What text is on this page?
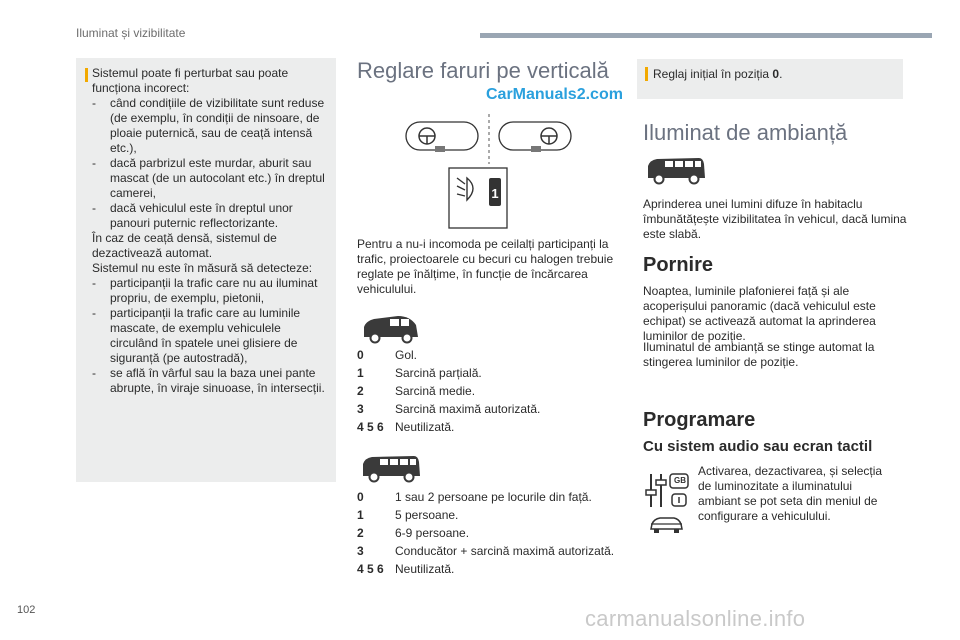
Iluminat și vizibilitate

Sistemul poate fi perturbat sau poate funcționa incorect:

- când condițiile de vizibilitate sunt reduse (de exemplu, în condiții de ninsoare, de ploaie puternică, sau de ceață intensă etc.),
- dacă parbrizul este murdar, aburit sau mascat (de un autocolant etc.) în dreptul camerei,
- dacă vehiculul este în dreptul unor panouri puternic reflectorizante.

În caz de ceață densă, sistemul de dezactivează automat.

Sistemul nu este în măsură să detecteze:

- participanții la trafic care nu au iluminat propriu, de exemplu, pietonii,
- participanții la trafic care au luminile mascate, de exemplu vehiculele circulând în spatele unei glisiere de siguranță (pe autostradă),
- se află în vârful sau la baza unei pante abrupte, în viraje sinuoase, în intersecții.
Reglare faruri pe verticală
CarManuals2.com
1

Pentru a nu-i incomoda pe ceilalți participanți la trafic, proiectoarele cu becuri cu halogen trebuie reglate pe înălțime, în funcție de încărcarea vehiculului.

0	Gol.
1	Sarcină parțială.
2	Sarcină medie.
3	Sarcină maximă autorizată.
4 5 6 Neutilizată.
0	1 sau 2 persoane pe locurile din față.
1	5 persoane.
2	6-9 persoane.
3	Conducător + sarcină maximă autorizată.
4 5 6 Neutilizată.

Reglaj inițial în poziția 0.

Iluminat de ambianță

Aprinderea unei lumini difuze în habitaclu îmbunătățește vizibilitatea în vehicul, dacă lumina este slabă.

Pornire

Noaptea, luminile plafonierei față și ale acoperișului panoramic (dacă vehiculul este echipat) se activează automat la aprinderea luminilor de poziție.

Iluminatul de ambianță se stinge automat la stingerea luminilor de poziție.

Programare
Cu sistem audio sau ecran tactil
GB

Activarea, dezactivarea, și selecția de luminozitate a iluminatului ambiant se pot seta din meniul de configurare a vehiculului.

102	carmanualsonline.info
